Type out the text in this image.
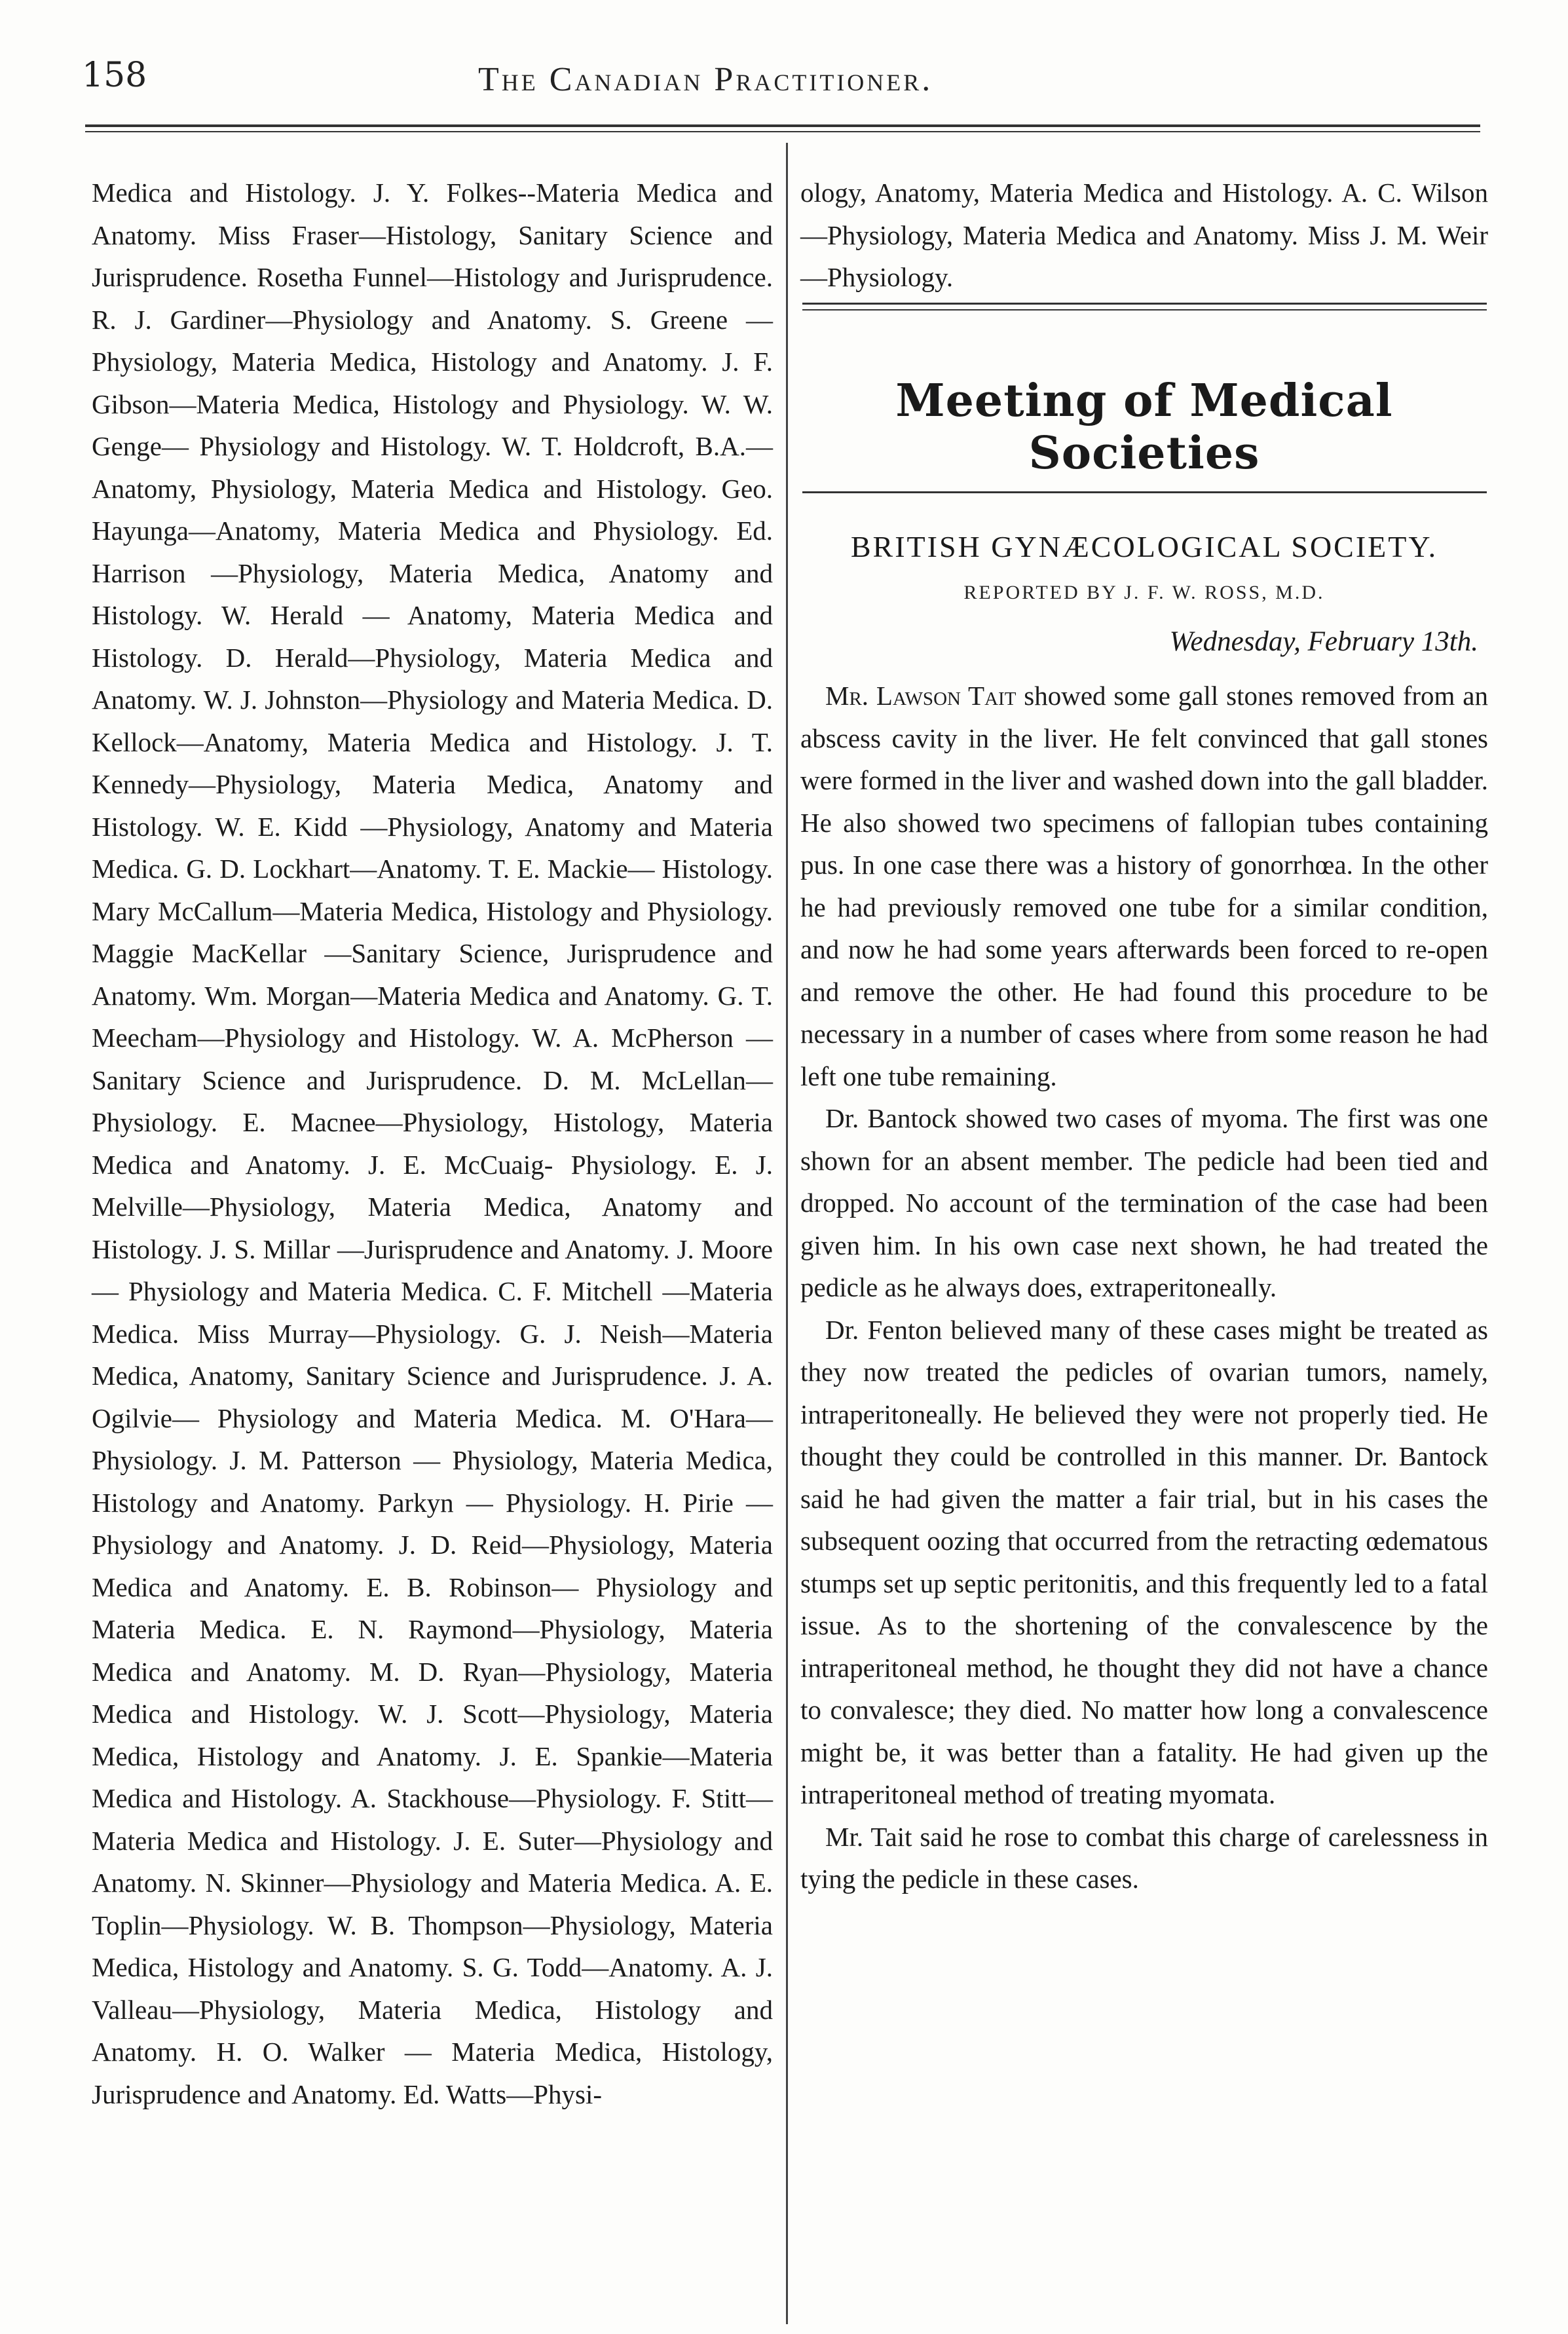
158	The Canadian Practitioner.
Medica and Histology. J. Y. Folkes--Materia Medica and Anatomy. Miss Fraser—Histology, Sanitary Science and Jurisprudence. Rosetha Funnel—Histology and Jurisprudence. R. J. Gardiner—Physiology and Anatomy. S. Greene —Physiology, Materia Medica, Histology and Anatomy. J. F. Gibson—Materia Medica, Histology and Physiology. W. W. Genge— Physiology and Histology. W. T. Holdcroft, B.A.—Anatomy, Physiology, Materia Medica and Histology. Geo. Hayunga—Anatomy, Materia Medica and Physiology. Ed. Harrison —Physiology, Materia Medica, Anatomy and Histology. W. Herald — Anatomy, Materia Medica and Histology. D. Herald—Physiology, Materia Medica and Anatomy. W. J. Johnston—Physiology and Materia Medica. D. Kellock—Anatomy, Materia Medica and Histology. J. T. Kennedy—Physiology, Materia Medica, Anatomy and Histology. W. E. Kidd —Physiology, Anatomy and Materia Medica. G. D. Lockhart—Anatomy. T. E. Mackie— Histology. Mary McCallum—Materia Medica, Histology and Physiology. Maggie MacKellar —Sanitary Science, Jurisprudence and Anatomy. Wm. Morgan—Materia Medica and Anatomy. G. T. Meecham—Physiology and Histology. W. A. McPherson — Sanitary Science and Jurisprudence. D. M. McLellan—Physiology. E. Macnee—Physiology, Histology, Materia Medica and Anatomy. J. E. McCuaig- Physiology. E. J. Melville—Physiology, Materia Medica, Anatomy and Histology. J. S. Millar —Jurisprudence and Anatomy. J. Moore— Physiology and Materia Medica. C. F. Mitchell —Materia Medica. Miss Murray—Physiology. G. J. Neish—Materia Medica, Anatomy, Sanitary Science and Jurisprudence. J. A. Ogilvie— Physiology and Materia Medica. M. O'Hara— Physiology. J. M. Patterson — Physiology, Materia Medica, Histology and Anatomy. Parkyn — Physiology. H. Pirie — Physiology and Anatomy. J. D. Reid—Physiology, Materia Medica and Anatomy. E. B. Robinson— Physiology and Materia Medica. E. N. Raymond—Physiology, Materia Medica and Anatomy. M. D. Ryan—Physiology, Materia Medica and Histology. W. J. Scott—Physiology, Materia Medica, Histology and Anatomy. J. E. Spankie—Materia Medica and Histology. A. Stackhouse—Physiology. F. Stitt—Materia Medica and Histology. J. E. Suter—Physiology and Anatomy. N. Skinner—Physiology and Materia Medica. A. E. Toplin—Physiology. W. B. Thompson—Physiology, Materia Medica, Histology and Anatomy. S. G. Todd—Anatomy. A. J. Valleau—Physiology, Materia Medica, Histology and Anatomy. H. O. Walker — Materia Medica, Histology, Jurisprudence and Anatomy. Ed. Watts—Physi-
ology, Anatomy, Materia Medica and Histology. A. C. Wilson—Physiology, Materia Medica and Anatomy. Miss J. M. Weir—Physiology.
Meeting of Medical Societies
BRITISH GYNÆCOLOGICAL SOCIETY.
REPORTED BY J. F. W. ROSS, M.D.
Wednesday, February 13th.

Mr. Lawson Tait showed some gall stones removed from an abscess cavity in the liver. He felt convinced that gall stones were formed in the liver and washed down into the gall bladder. He also showed two specimens of fallopian tubes containing pus. In one case there was a history of gonorrhœa. In the other he had previously removed one tube for a similar condition, and now he had some years afterwards been forced to re-open and remove the other. He had found this procedure to be necessary in a number of cases where from some reason he had left one tube remaining.

Dr. Bantock showed two cases of myoma. The first was one shown for an absent member. The pedicle had been tied and dropped. No account of the termination of the case had been given him. In his own case next shown, he had treated the pedicle as he always does, extraperitoneally.

Dr. Fenton believed many of these cases might be treated as they now treated the pedicles of ovarian tumors, namely, intraperitoneally. He believed they were not properly tied. He thought they could be controlled in this manner. Dr. Bantock said he had given the matter a fair trial, but in his cases the subsequent oozing that occurred from the retracting œdematous stumps set up septic peritonitis, and this frequently led to a fatal issue. As to the shortening of the convalescence by the intraperitoneal method, he thought they did not have a chance to convalesce; they died. No matter how long a convalescence might be, it was better than a fatality. He had given up the intraperitoneal method of treating myomata.

Mr. Tait said he rose to combat this charge of carelessness in tying the pedicle in these cases.
